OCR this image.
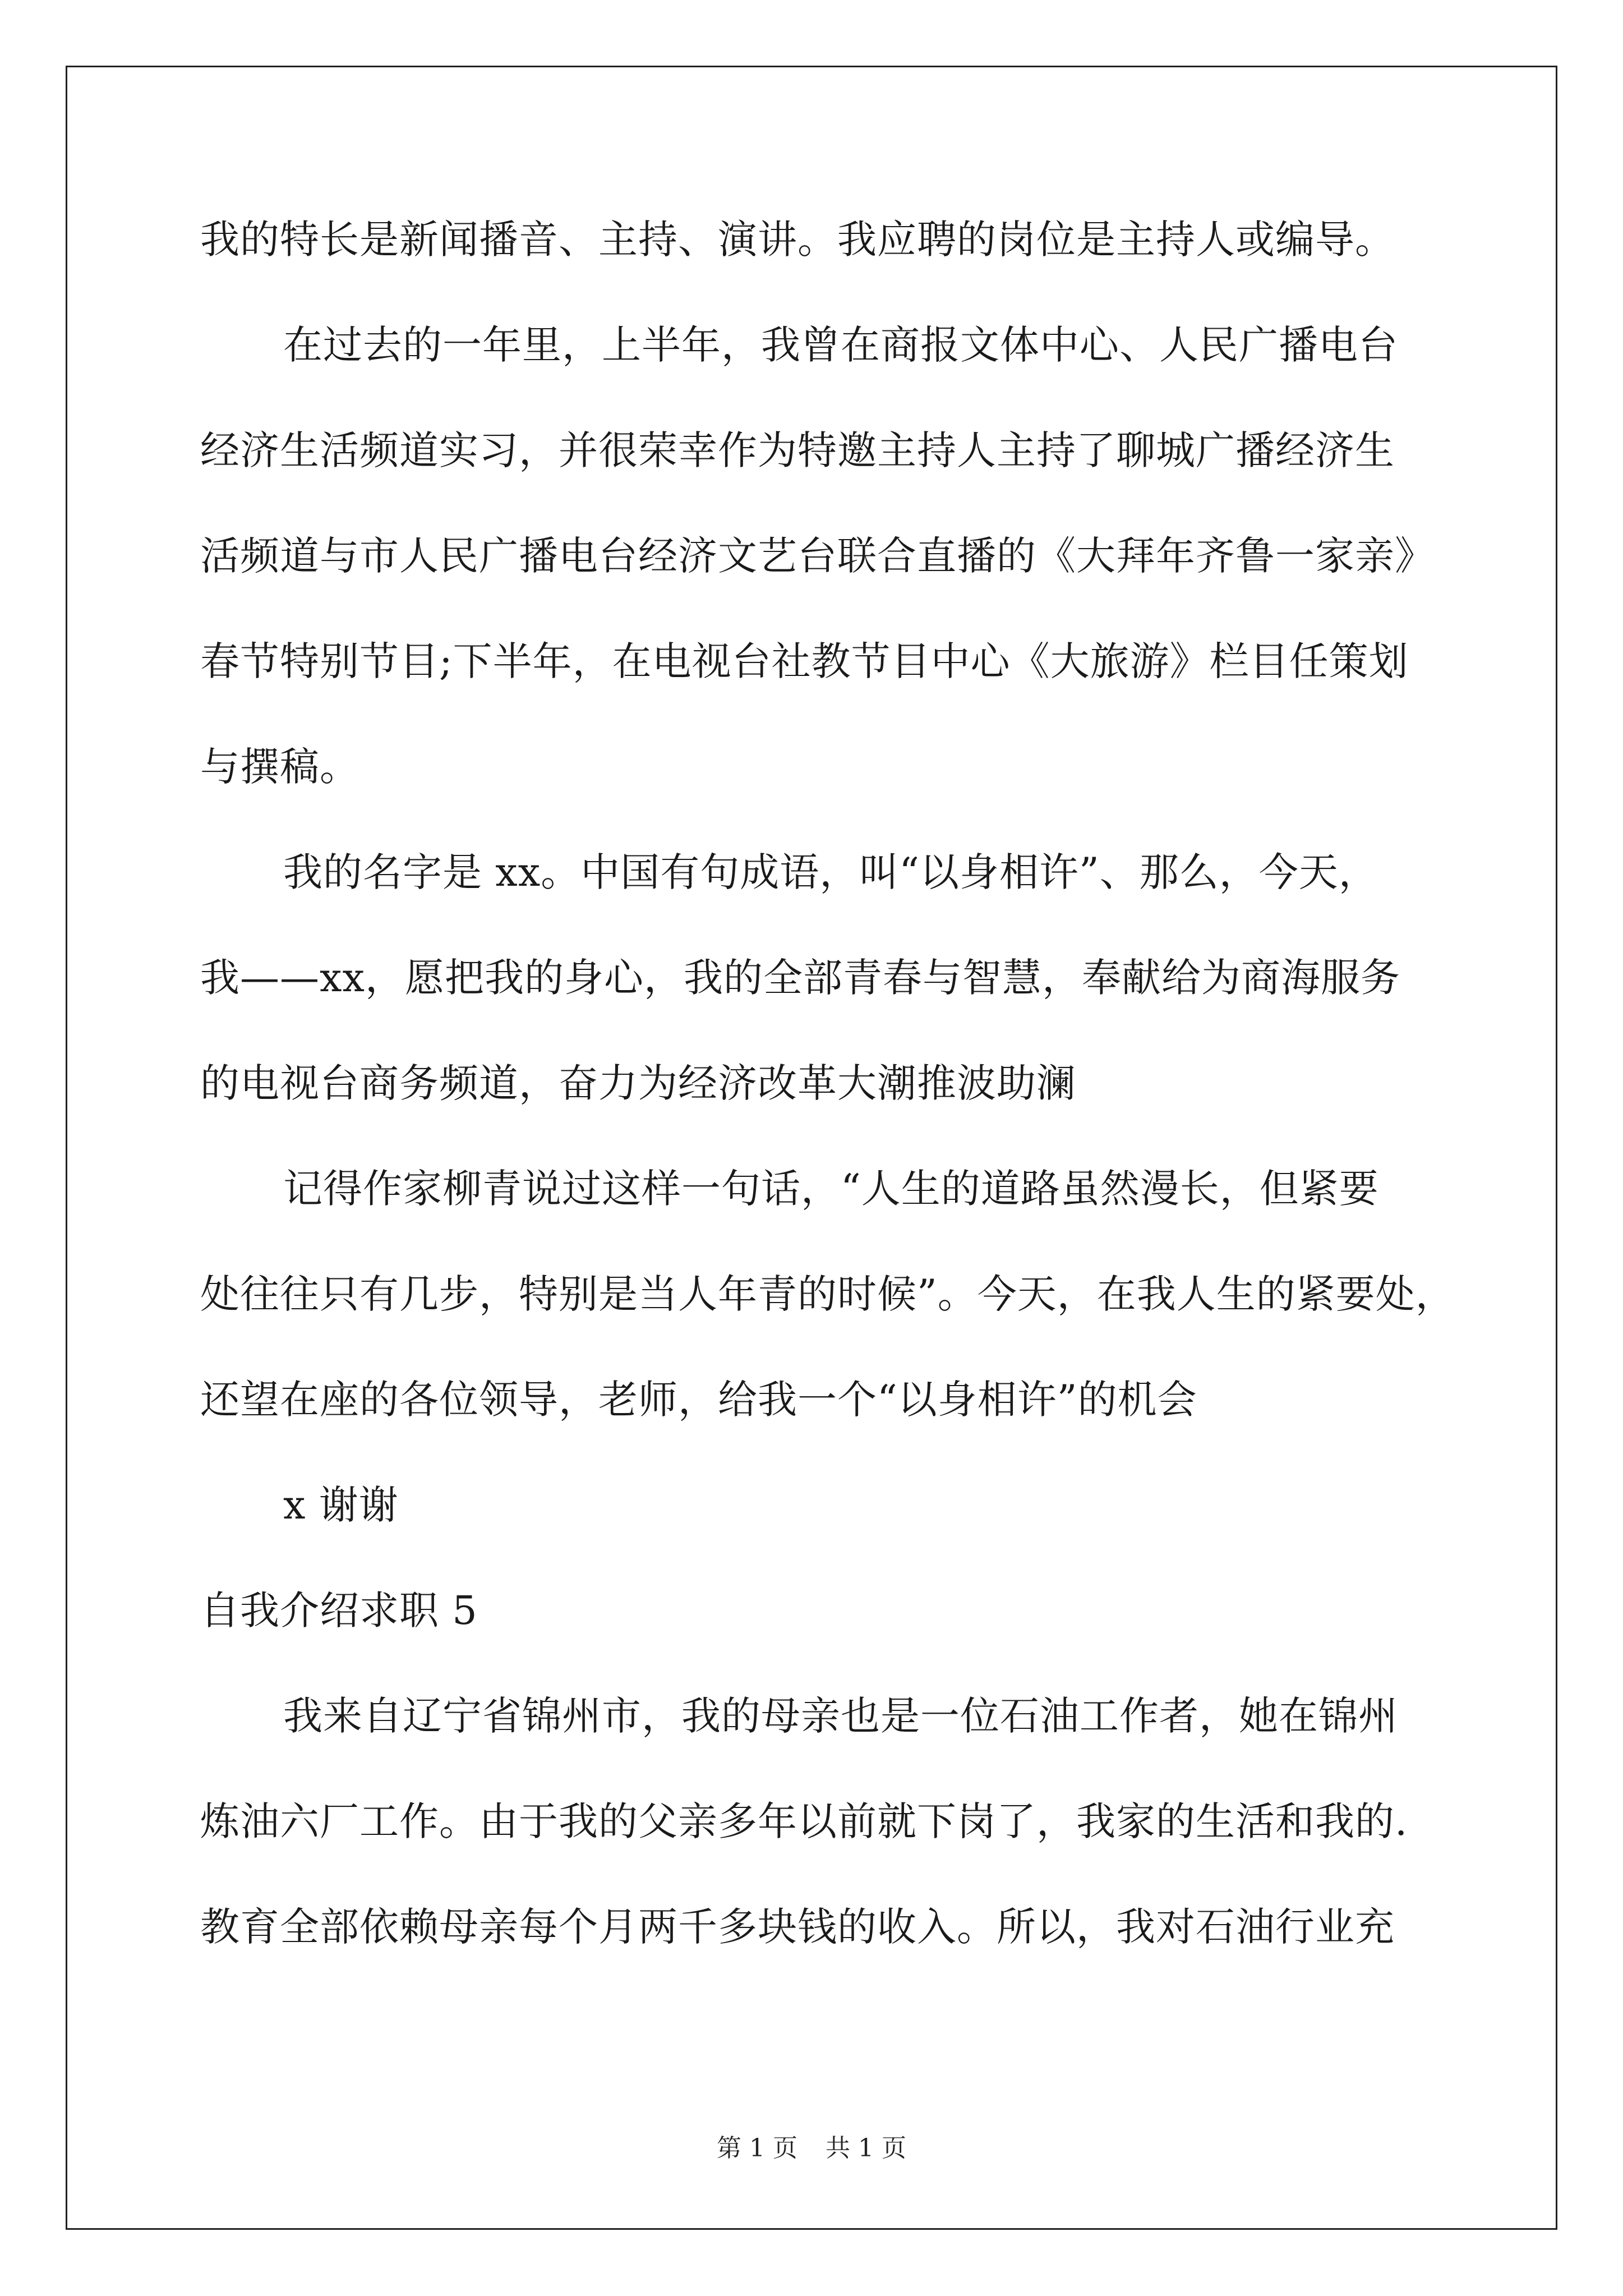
我的特长是新闻播音、主持、演讲。我应聘的岗位是主持人或编导。
在过去的一年里，上半年，我曾在商报文体中心、人民广播电台
经济生活频道实习，并很荣幸作为特邀主持人主持了聊城广播经济生
活频道与市人民广播电台经济文艺台联合直播的《大拜年齐鲁一家亲》
春节特别节目;下半年，在电视台社教节目中心《大旅游》栏目任策划
与撰稿。
我的名字是 xx。中国有句成语，叫“以身相许”、那么，今天，
我——xx，愿把我的身心，我的全部青春与智慧，奉献给为商海服务
的电视台商务频道，奋力为经济改革大潮推波助澜
记得作家柳青说过这样一句话，“人生的道路虽然漫长，但紧要
处往往只有几步，特别是当人年青的时候”。今天，在我人生的紧要处，
还望在座的各位领导，老师，给我一个“以身相许”的机会
x 谢谢
自我介绍求职 5
我来自辽宁省锦州市，我的母亲也是一位石油工作者，她在锦州
炼油六厂工作。由于我的父亲多年以前就下岗了，我家的生活和我的.
教育全部依赖母亲每个月两千多块钱的收入。所以，我对石油行业充
第 1 页 共 1 页
